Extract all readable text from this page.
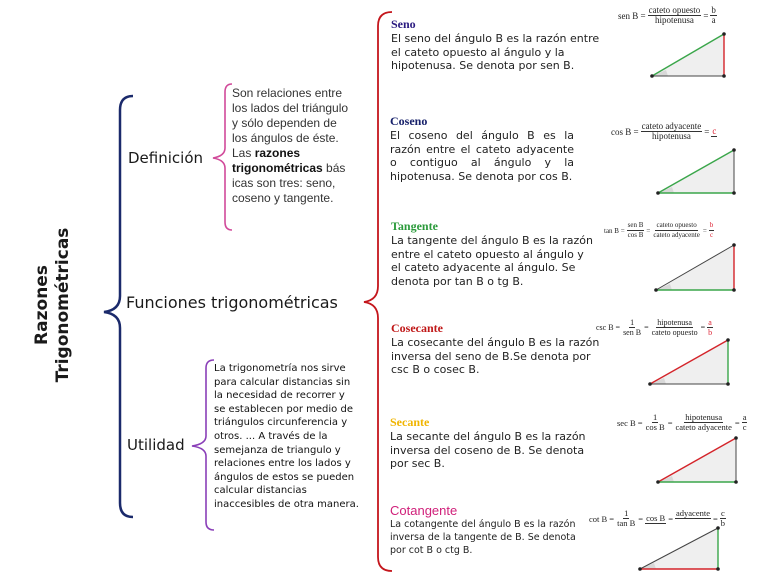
Razones Trigonométricas
Definición
Funciones trigonométricas
Utilidad
Son relaciones entre los lados del triángulo y sólo dependen de los ángulos de éste. Las razones trigonométricas bás icas son tres: seno, coseno y tangente.
La trigonometría nos sirve para calcular distancias sin la necesidad de recorrer y se establecen por medio de triángulos circunferencia y otros. ... A través de la semejanza de triangulo y relaciones entre los lados y ángulos de estos se pueden calcular distancias inaccesibles de otra manera.
Seno
El seno del ángulo B es la razón entre el cateto opuesto al ángulo y la hipotenusa. Se denota por sen B.
Coseno
El coseno del ángulo B es la razón entre el cateto adyacente o contiguo al ángulo y la hipotenusa. Se denota por cos B.
Tangente
La tangente del ángulo B es la razón entre el cateto opuesto al ángulo y el cateto adyacente al ángulo. Se denota por tan B o tg B.
Cosecante
La cosecante del ángulo B es la razón inversa del seno de B.Se denota por csc B o cosec B.
Secante
La secante del ángulo B es la razón inversa del coseno de B. Se denota por sec B.
Cotangente
La cotangente del ángulo B es la razón inversa de la tangente de B. Se denota por cot B o ctg B.
sen $B = \frac{\text{cateto opuesto}}{\text{hipotenusa}} = \frac{b}{a}$
$\cos B = \frac{\text{cateto adyacente}}{\text{hipotenusa}} = c$
$\tan B = \frac{\text{sen B}}{\text{cos B}} = \frac{\text{cateto opuesto}}{\text{cateto adyacente}} = \frac{b}{c}$
$\csc B = \frac{1}{\text{sen B}} = \frac{\text{hipotenusa}}{\text{cateto opuesto}} = \frac{a}{b}$
$\sec B = \frac{1}{\text{cos B}} = \frac{\text{hipotenusa}}{\text{cateto adyacente}} = \frac{a}{c}$
$\cot B = \frac{1}{\text{tan B}} = \cos B$ =
adyacente

= $\frac{c}{b}$
